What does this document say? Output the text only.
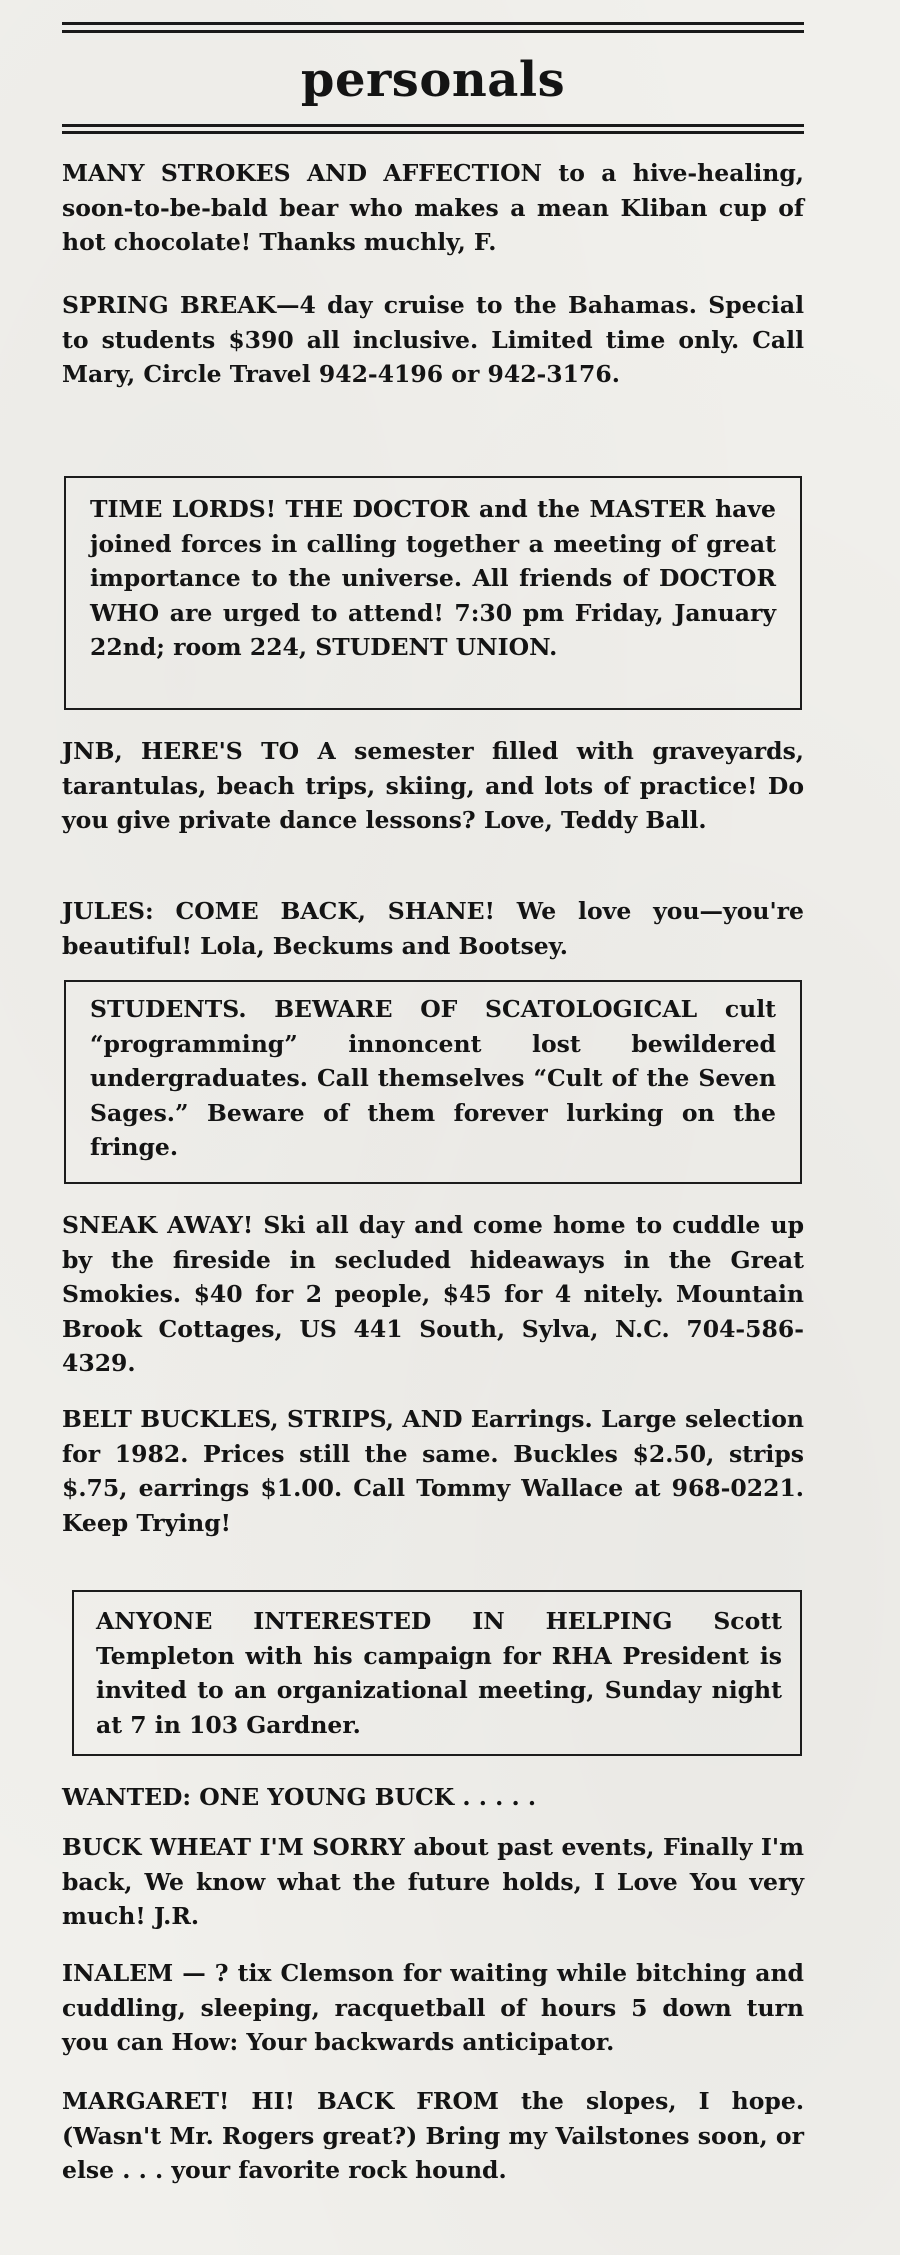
personals

MANY STROKES AND AFFECTION to a hive-healing, soon-to-be-bald bear who makes a mean Kliban cup of hot chocolate! Thanks muchly, F.

SPRING BREAK—4 day cruise to the Bahamas. Special to students $390 all inclusive. Limited time only. Call Mary, Circle Travel 942-4196 or 942-3176.

TIME LORDS! THE DOCTOR and the MASTER have joined forces in calling together a meeting of great importance to the universe. All friends of DOCTOR WHO are urged to attend! 7:30 pm Friday, January 22nd; room 224, STUDENT UNION.

JNB, HERE'S TO A semester filled with graveyards, tarantulas, beach trips, skiing, and lots of practice! Do you give private dance lessons? Love, Teddy Ball.

JULES: COME BACK, SHANE! We love you—you're beautiful! Lola, Beckums and Bootsey.

STUDENTS. BEWARE OF SCATOLOGICAL cult “programming” innoncent lost bewildered undergraduates. Call themselves “Cult of the Seven Sages.” Beware of them forever lurking on the fringe.

SNEAK AWAY! Ski all day and come home to cuddle up by the fireside in secluded hideaways in the Great Smokies. $40 for 2 people, $45 for 4 nitely. Mountain Brook Cottages, US 441 South, Sylva, N.C. 704-586-4329.

BELT BUCKLES, STRIPS, AND Earrings. Large selection for 1982. Prices still the same. Buckles $2.50, strips $.75, earrings $1.00. Call Tommy Wallace at 968-0221. Keep Trying!

ANYONE INTERESTED IN HELPING Scott Templeton with his campaign for RHA President is invited to an organizational meeting, Sunday night at 7 in 103 Gardner.

WANTED: ONE YOUNG BUCK . . . . .

BUCK WHEAT I'M SORRY about past events, Finally I'm back, We know what the future holds, I Love You very much! J.R.

INALEM — ? tix Clemson for waiting while bitching and cuddling, sleeping, racquetball of hours 5 down turn you can How: Your backwards anticipator.

MARGARET! HI! BACK FROM the slopes, I hope. (Wasn't Mr. Rogers great?) Bring my Vailstones soon, or else . . . your favorite rock hound.
